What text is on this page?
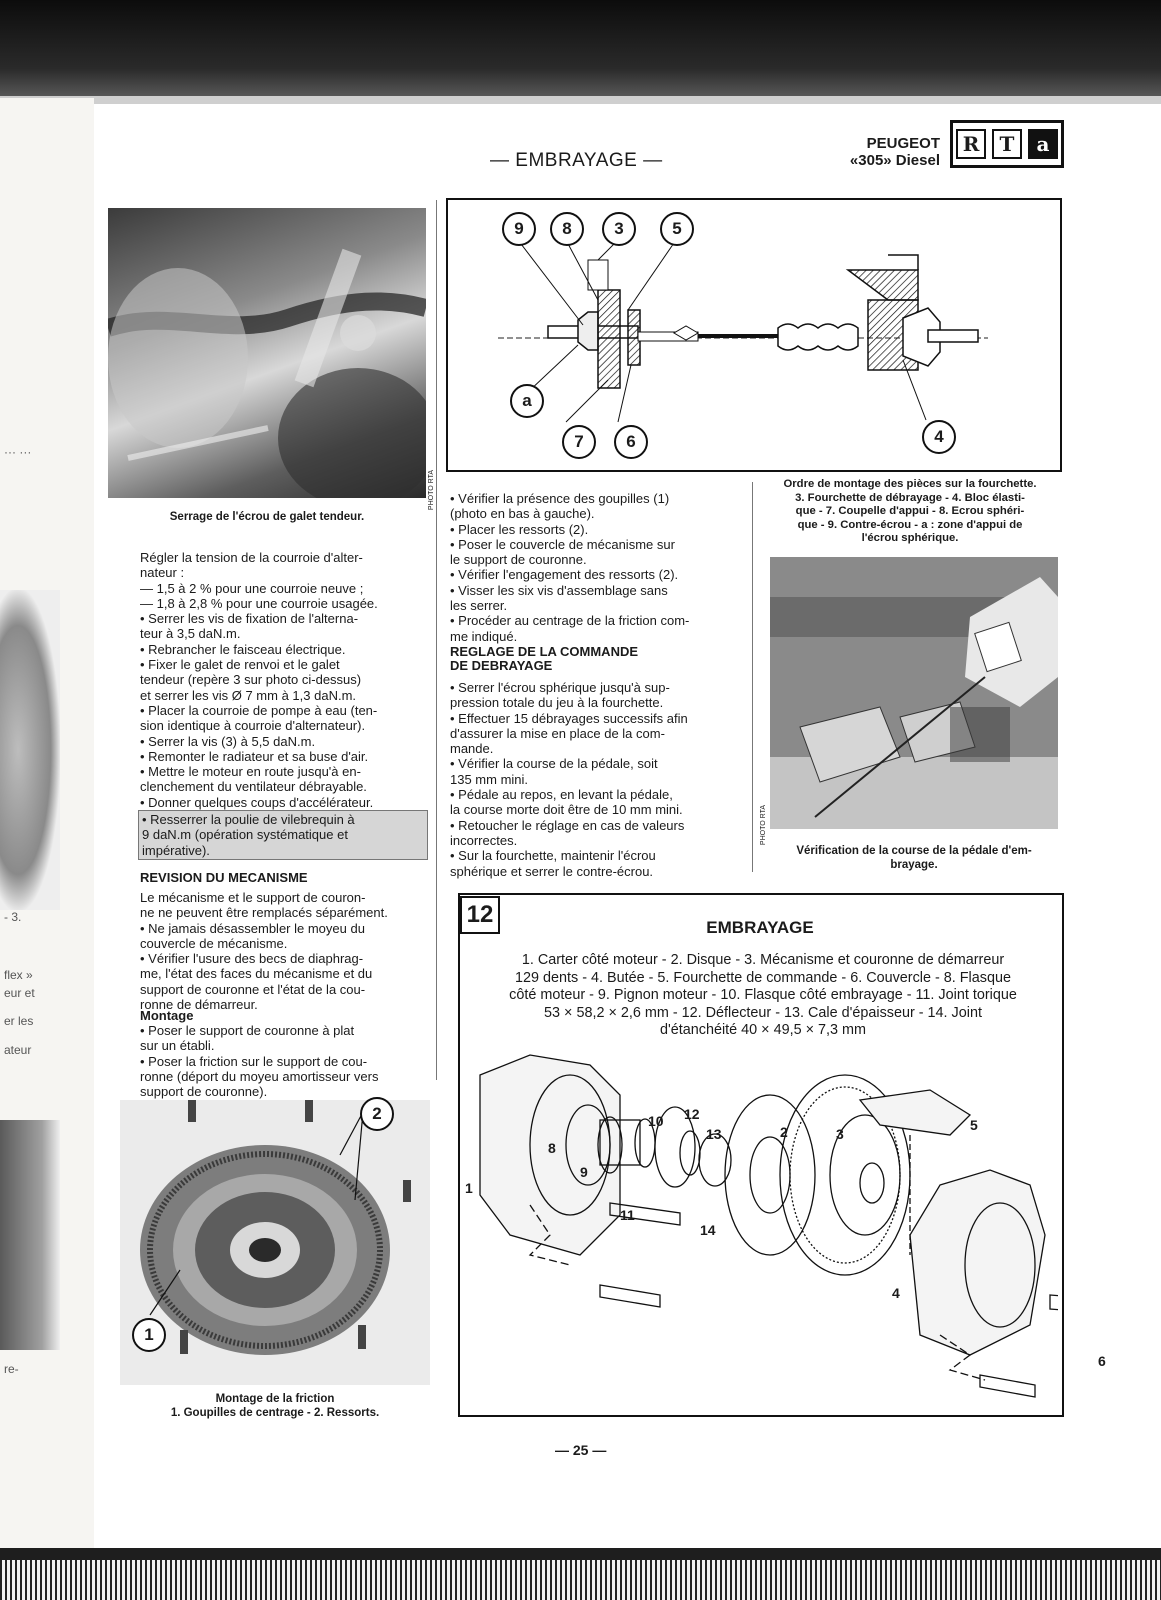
··· ···
- 3.
flex »
eur et
er les
ateur
re-
— EMBRAYAGE —
PEUGEOT
«305» Diesel
R	T	a
PHOTO RTA
Serrage de l'écrou de galet tendeur.

Régler la tension de la courroie d'alter-

nateur :

— 1,5 à 2 % pour une courroie neuve ;

— 1,8 à 2,8 % pour une courroie usagée.

• Serrer les vis de fixation de l'alterna-

teur à 3,5 daN.m.

• Rebrancher le faisceau électrique.

• Fixer le galet de renvoi et le galet

tendeur (repère 3 sur photo ci-dessus)

et serrer les vis Ø 7 mm à 1,3 daN.m.

• Placer la courroie de pompe à eau (ten-

sion identique à courroie d'alternateur).

• Serrer la vis (3) à 5,5 daN.m.

• Remonter le radiateur et sa buse d'air.

• Mettre le moteur en route jusqu'à en-

clenchement du ventilateur débrayable.

• Donner quelques coups d'accélérateur.

• Resserrer la poulie de vilebrequin à

9 daN.m (opération systématique et

impérative).

REVISION DU MECANISME

Le mécanisme et le support de couron-

ne ne peuvent être remplacés séparément.

• Ne jamais désassembler le moyeu du

couvercle de mécanisme.

• Vérifier l'usure des becs de diaphrag-

me, l'état des faces du mécanisme et du

support de couronne et l'état de la cou-

ronne de démarreur.

Montage

• Poser le support de couronne à plat

sur un établi.

• Poser la friction sur le support de cou-

ronne (déport du moyeu amortisseur vers

support de couronne).

2
1
Montage de la friction
1. Goupilles de centrage - 2. Ressorts.
9	8	3	5
a
7	6	4
Ordre de montage des pièces sur la fourchette.
3. Fourchette de débrayage - 4. Bloc élasti-
que - 7. Coupelle d'appui - 8. Ecrou sphéri-
que - 9. Contre-écrou - a : zone d'appui de
l'écrou sphérique.

• Vérifier la présence des goupilles (1)

(photo en bas à gauche).

• Placer les ressorts (2).

• Poser le couvercle de mécanisme sur

le support de couronne.

• Vérifier l'engagement des ressorts (2).

• Visser les six vis d'assemblage sans

les serrer.

• Procéder au centrage de la friction com-

me indiqué.

REGLAGE DE LA COMMANDE
DE DEBRAYAGE

• Serrer l'écrou sphérique jusqu'à sup-

pression totale du jeu à la fourchette.

• Effectuer 15 débrayages successifs afin

d'assurer la mise en place de la com-

mande.

• Vérifier la course de la pédale, soit

135 mm mini.

• Pédale au repos, en levant la pédale,

la course morte doit être de 10 mm mini.

• Retoucher le réglage en cas de valeurs

incorrectes.

• Sur la fourchette, maintenir l'écrou

sphérique et serrer le contre-écrou.

PHOTO RTA
Vérification de la course de la pédale d'em-
brayage.
12	EMBRAYAGE
1. Carter côté moteur - 2. Disque - 3. Mécanisme et couronne de démarreur
129 dents - 4. Butée - 5. Fourchette de commande - 6. Couvercle - 8. Flasque
côté moteur - 9. Pignon moteur - 10. Flasque côté embrayage - 11. Joint torique
53 × 58,2 × 2,6 mm - 12. Déflecteur - 13. Cale d'épaisseur - 14. Joint
d'étanchéité 40 × 49,5 × 7,3 mm
1
8
9
10 12
13
11
14
2	3
4
5
6
— 25 —
